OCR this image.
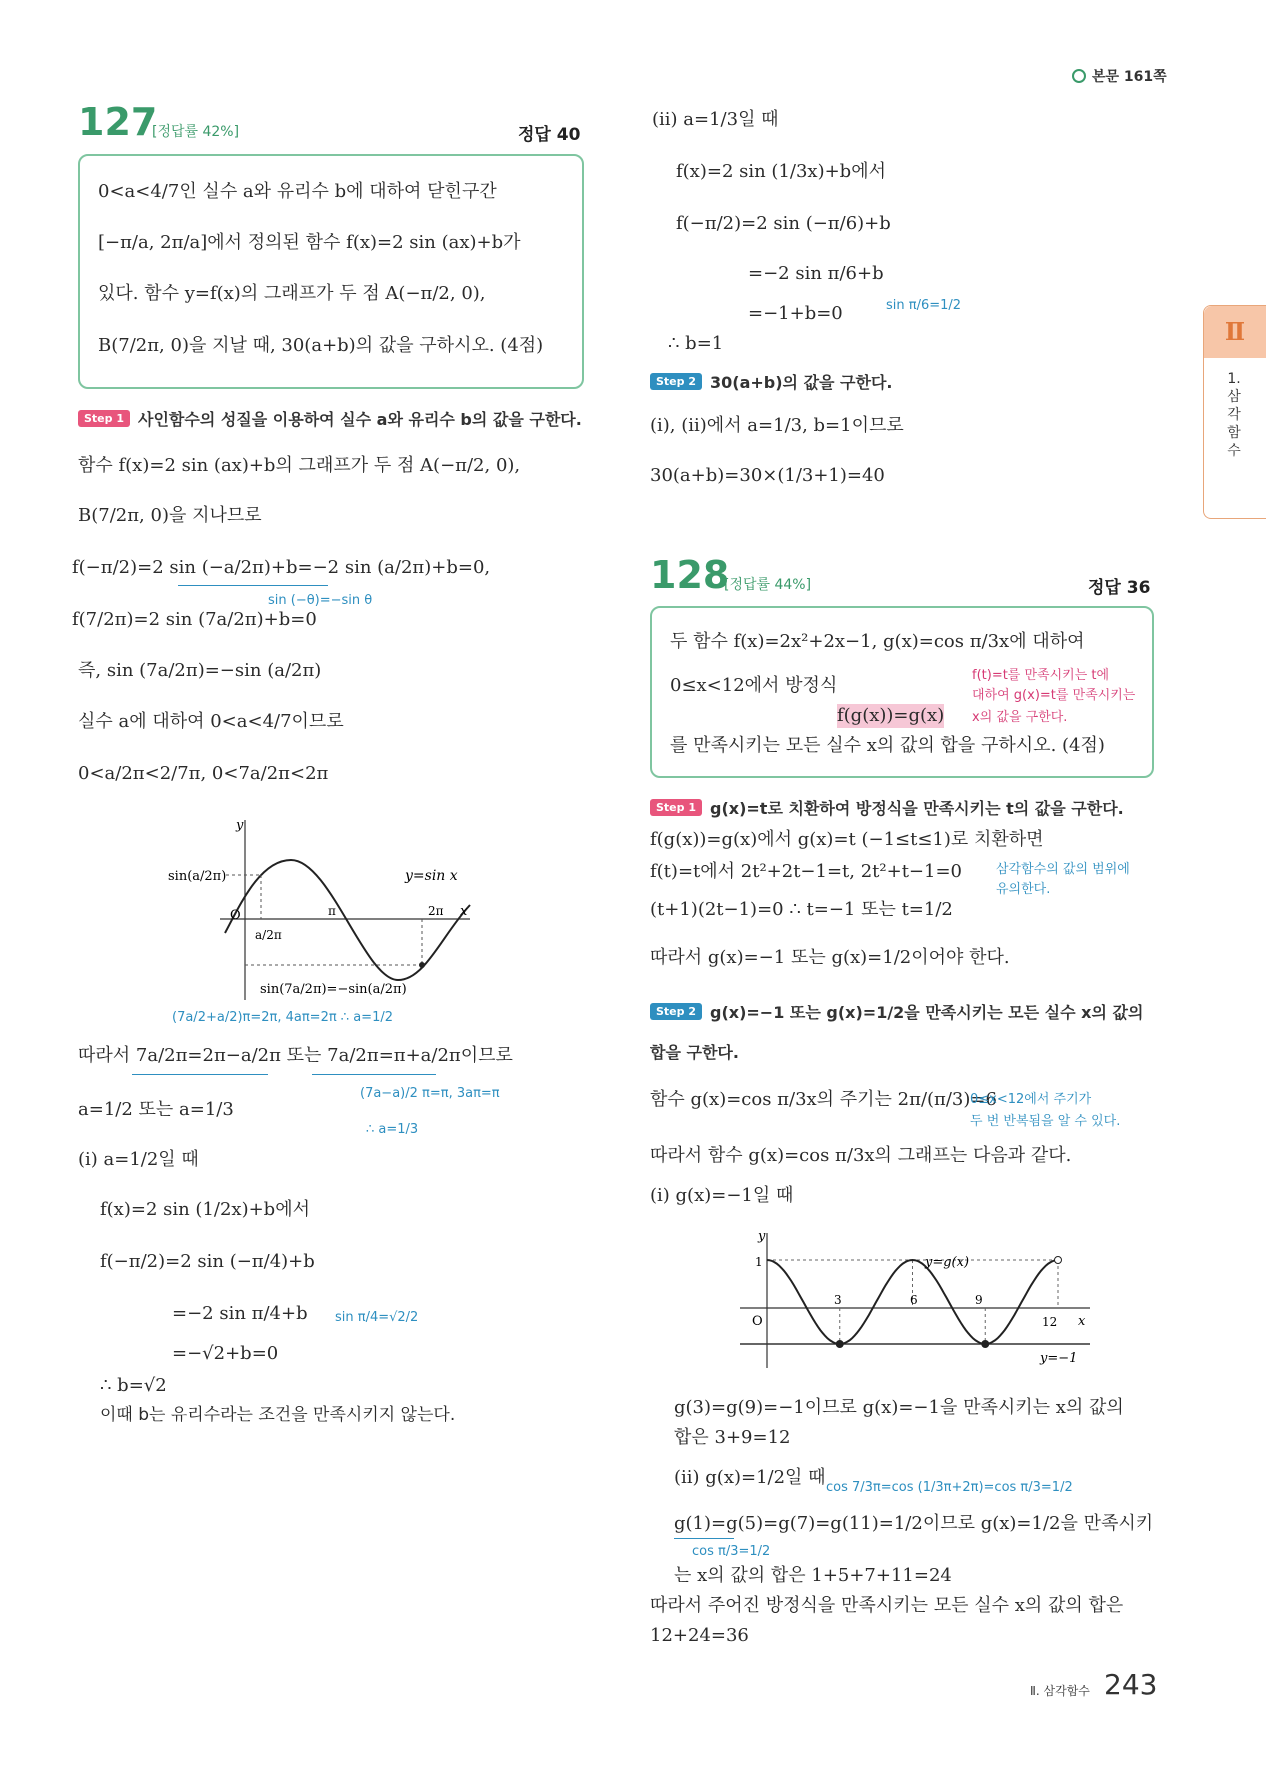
본문 161쪽
Ⅱ
1. 삼각함수
127
[정답률 42%]	정답 40
0<a<4/7인 실수 a와 유리수 b에 대하여 닫힌구간
[−π/a, 2π/a]에서 정의된 함수 f(x)=2 sin (ax)+b가
있다. 함수 y=f(x)의 그래프가 두 점 A(−π/2, 0),
B(7/2π, 0)을 지날 때, 30(a+b)의 값을 구하시오. (4점)
Step 1 사인함수의 성질을 이용하여 실수 a와 유리수 b의 값을 구한다.
함수 f(x)=2 sin (ax)+b의 그래프가 두 점 A(−π/2, 0),
B(7/2π, 0)을 지나므로
f(−π/2)=2 sin (−a/2π)+b=−2 sin (a/2π)+b=0,
sin (−θ)=−sin θ
f(7/2π)=2 sin (7a/2π)+b=0
즉, sin (7a/2π)=−sin (a/2π)
실수 a에 대하여 0<a<4/7이므로
0<a/2π<2/7π, 0<7a/2π<2π
y
x
O
sin(a/2π)	y=sin x
a/2π
π	2π
sin(7a/2π)=−sin(a/2π)
(7a/2+a/2)π=2π, 4aπ=2π ∴ a=1/2
따라서 7a/2π=2π−a/2π 또는 7a/2π=π+a/2π이므로
(7a−a)/2 π=π, 3aπ=π
∴ a=1/3
a=1/2 또는 a=1/3
(ⅰ) a=1/2일 때
f(x)=2 sin (1/2x)+b에서
f(−π/2)=2 sin (−π/4)+b
=−2 sin π/4+b sin π/4=√2/2
=−√2+b=0
∴ b=√2
이때 b는 유리수라는 조건을 만족시키지 않는다.
(ⅱ) a=1/3일 때
f(x)=2 sin (1/3x)+b에서
f(−π/2)=2 sin (−π/6)+b
=−2 sin π/6+b
=−1+b=0	sin π/6=1/2
∴ b=1
Step 2 30(a+b)의 값을 구한다.
(ⅰ), (ⅱ)에서 a=1/3, b=1이므로
30(a+b)=30×(1/3+1)=40
128
[정답률 44%]	정답 36
두 함수 f(x)=2x²+2x−1, g(x)=cos π/3x에 대하여
0≤x<12에서 방정식
f(g(x))=g(x)
를 만족시키는 모든 실수 x의 값의 합을 구하시오. (4점)
f(t)=t를 만족시키는 t에
대하여 g(x)=t를 만족시키는
x의 값을 구한다.
Step 1 g(x)=t로 치환하여 방정식을 만족시키는 t의 값을 구한다.
f(g(x))=g(x)에서 g(x)=t (−1≤t≤1)로 치환하면
f(t)=t에서 2t²+2t−1=t, 2t²+t−1=0	삼각함수의 값의 범위에
유의한다.
(t+1)(2t−1)=0 ∴ t=−1 또는 t=1/2
따라서 g(x)=−1 또는 g(x)=1/2이어야 한다.
Step 2 g(x)=−1 또는 g(x)=1/2을 만족시키는 모든 실수 x의 값의
합을 구한다.
함수 g(x)=cos π/3x의 주기는 2π/(π/3)=6
0≤x<12에서 주기가
두 번 반복됨을 알 수 있다.
따라서 함수 g(x)=cos π/3x의 그래프는 다음과 같다.
(ⅰ) g(x)=−1일 때
y
x
O
1
3	6	9
12
y=g(x)
y=−1
g(3)=g(9)=−1이므로 g(x)=−1을 만족시키는 x의 값의
합은 3+9=12
(ⅱ) g(x)=1/2일 때 cos 7/3π=cos (1/3π+2π)=cos π/3=1/2
g(1)=g(5)=g(7)=g(11)=1/2이므로 g(x)=1/2을 만족시키
cos π/3=1/2
는 x의 값의 합은 1+5+7+11=24
따라서 주어진 방정식을 만족시키는 모든 실수 x의 값의 합은
12+24=36
Ⅱ. 삼각함수 243
